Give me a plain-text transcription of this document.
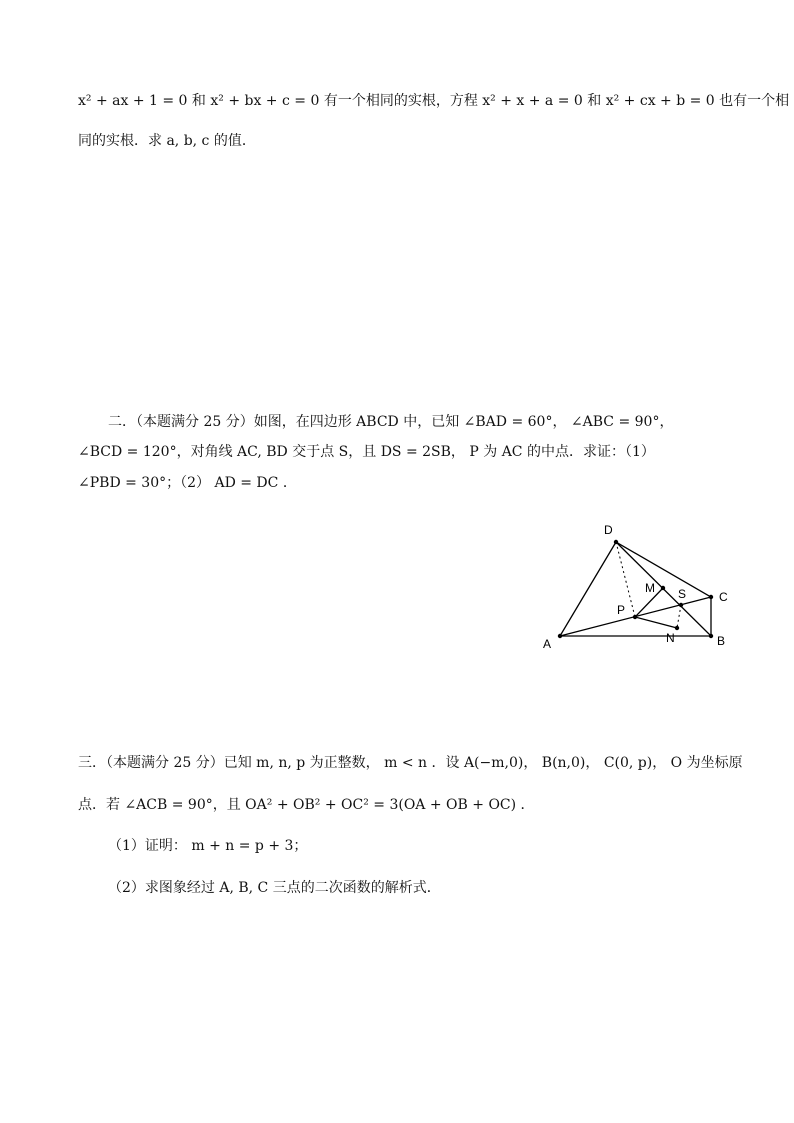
x² + ax + 1 = 0 和 x² + bx + c = 0 有一个相同的实根，方程 x² + x + a = 0 和 x² + cx + b = 0 也有一个相
同的实根．求 a, b, c 的值．
二．（本题满分 25 分）如图，在四边形 ABCD 中，已知 ∠BAD = 60°， ∠ABC = 90°，
∠BCD = 120°，对角线 AC, BD 交于点 S，且 DS = 2SB， P 为 AC 的中点．求证：（1）
∠PBD = 30°；（2） AD = DC ．
D
C
B
A
M S
P
N
三．（本题满分 25 分）已知 m, n, p 为正整数， m < n ．设 A(−m,0)， B(n,0)， C(0, p)， O 为坐标原
点．若 ∠ACB = 90°，且 OA² + OB² + OC² = 3(OA + OB + OC) ．
（1）证明： m + n = p + 3；
（2）求图象经过 A, B, C 三点的二次函数的解析式．
